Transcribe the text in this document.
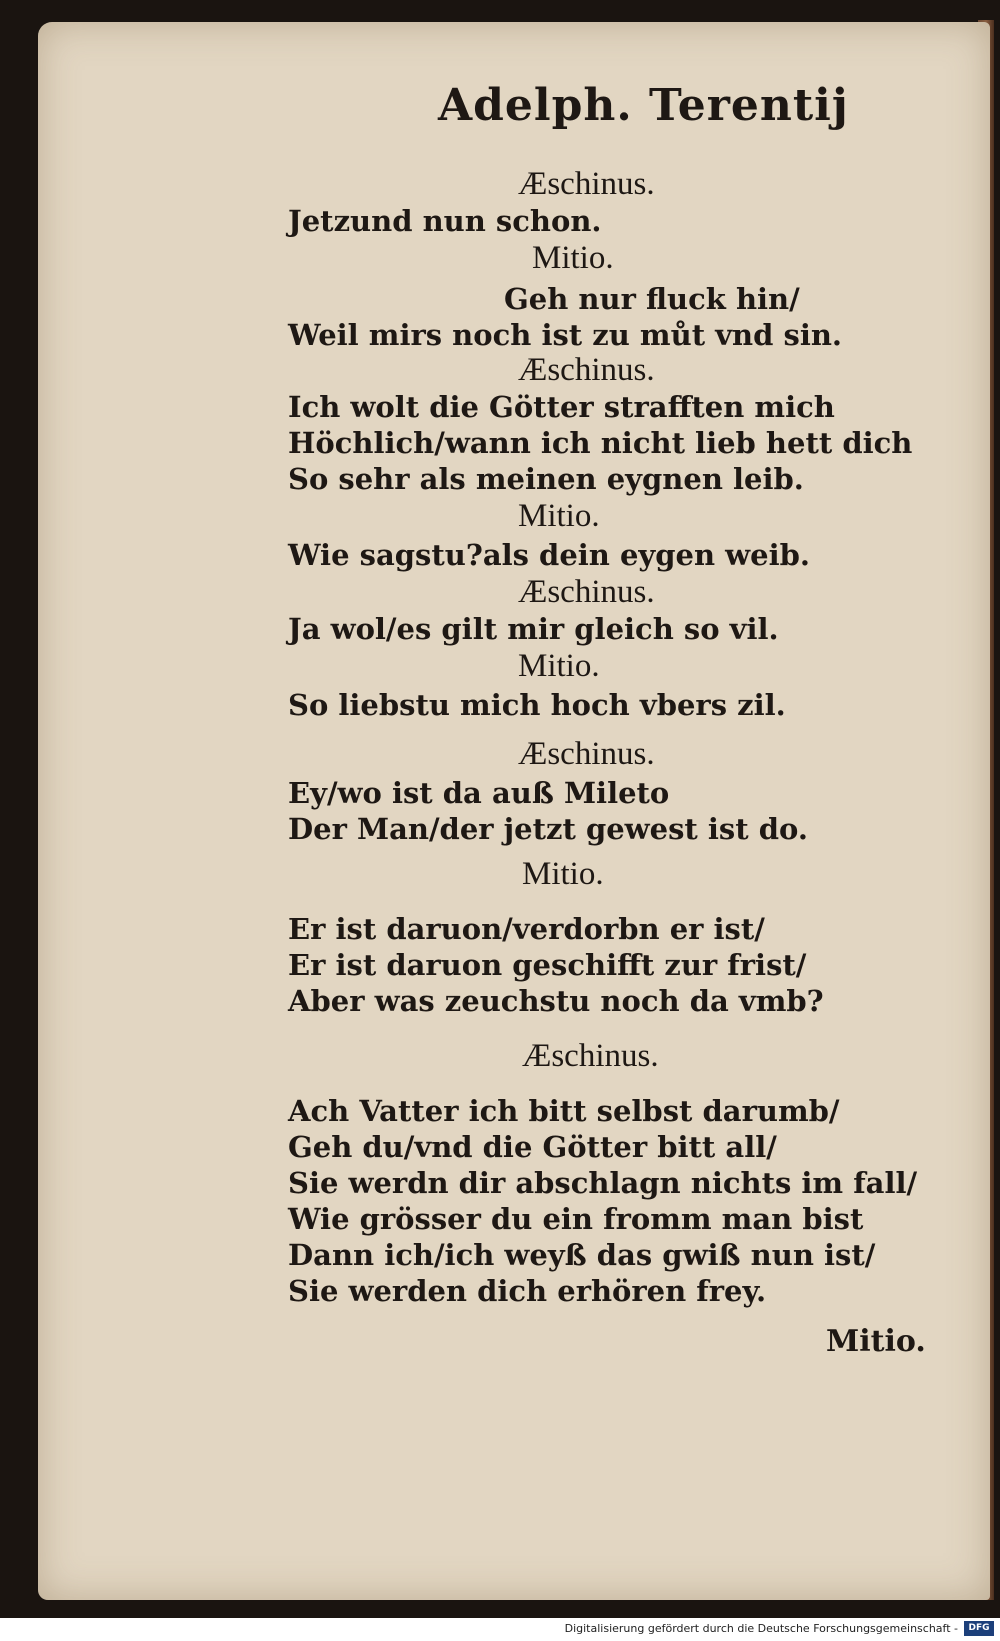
Adelph. Terentij
Æschinus.
Jetzund nun schon.
Mitio.
Geh nur fluck hin/
Weil mirs noch ist zu můt vnd sin.
Æschinus.
Ich wolt die Götter strafften mich
Höchlich/wann ich nicht lieb hett dich
So sehr als meinen eygnen leib.
Mitio.
Wie sagstu?als dein eygen weib.
Æschinus.
Ja wol/es gilt mir gleich so vil.
Mitio.
So liebstu mich hoch vbers zil.
Æschinus.
Ey/wo ist da auß Mileto
Der Man/der jetzt gewest ist do.
Mitio.
Er ist daruon/verdorbn er ist/
Er ist daruon geschifft zur frist/
Aber was zeuchstu noch da vmb?
Æschinus.
Ach Vatter ich bitt selbst darumb/
Geh du/vnd die Götter bitt all/
Sie werdn dir abschlagn nichts im fall/
Wie grösser du ein fromm man bist
Dann ich/ich weyß das gwiß nun ist/
Sie werden dich erhören frey.
Mitio.
Digitalisierung gefördert durch die Deutsche Forschungsgemeinschaft -	DFG
